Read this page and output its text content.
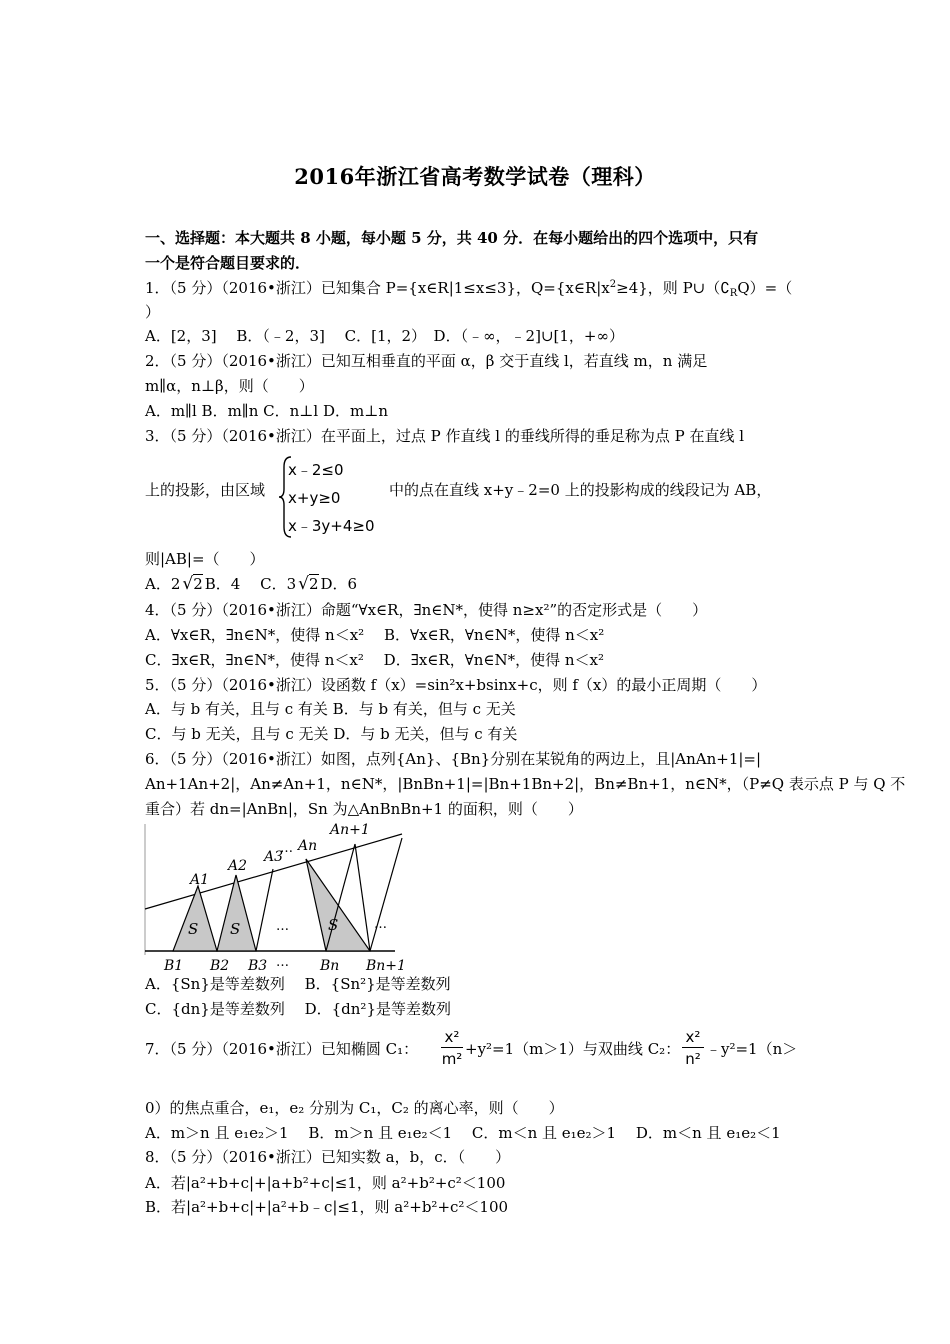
2016年浙江省高考数学试卷（理科）
一、选择题：本大题共 8 小题，每小题 5 分，共 40 分．在每小题给出的四个选项中，只有
一个是符合题目要求的．
1．（5 分）（2016•浙江）已知集合 P={x∈R|1≤x≤3}，$Q=\{x\in R|x^2\ge 4\}$，则 $P\cup(∁_RQ)=$（
）
A．[2，3]　 B．（﹣2，3]　 C．[1，2）　D．（﹣∞，﹣2]∪[1，+∞）
2．（5 分）（2016•浙江）已知互相垂直的平面 α，β 交于直线 l，若直线 m，n 满足
m∥α，n⊥β，则（　　）
A．m∥l B．m∥n C．n⊥l D．m⊥n
3．（5 分）（2016•浙江）在平面上，过点 P 作直线 l 的垂线所得的垂足称为点 P 在直线 l
上的投影，由区域
x﹣2≤0
x+y≥0
x﹣3y+4≥0
中的点在直线 x+y﹣2=0 上的投影构成的线段记为 AB，
则|AB|=（　　）
A．2 √2 B．4　 C．3 √2 D．6
4．（5 分）（2016•浙江）命题“∀x∈R，∃n∈N*，使得 n≥x²”的否定形式是（　　）
A．∀x∈R，∃n∈N*，使得 n＜x²　 B．∀x∈R，∀n∈N*，使得 n＜x²
C．∃x∈R，∃n∈N*，使得 n＜x²　 D．∃x∈R，∀n∈N*，使得 n＜x²
5．（5 分）（2016•浙江）设函数 f（x）=sin²x+bsinx+c，则 f（x）的最小正周期（　　）
A．与 b 有关，且与 c 有关 B．与 b 有关，但与 c 无关
C．与 b 无关，且与 c 无关 D．与 b 无关，但与 c 有关
6．（5 分）（2016•浙江）如图，点列{An}、{Bn}分别在某锐角的两边上，且|AnAn+1|=|
An+1An+2|，An≠An+1，n∈N*，|BnBn+1|=|Bn+1Bn+2|，Bn≠Bn+1，n∈N*，（P≠Q 表示点 P 与 Q 不
重合）若 dn=|AnBn|，Sn 为△AnBnBn+1 的面积，则（　　）
A1
A2
A3
An
An+1
B1 B2 B3	Bn Bn+1
S S	S
…
…	…
…
A．{Sn}是等差数列　 B．{Sn²}是等差数列
C．{dn}是等差数列　 D．{dn²}是等差数列
7．（5 分）（2016•浙江）已知椭圆 C₁： $\frac{\text{x²}}{\text{m²}} +y^2=1(m>1)$与双曲线 C₂： $\frac{\text{x²}}{\text{n²}}$ ﹣y²=1（n＞
0）的焦点重合，e₁，e₂ 分别为 C₁，C₂ 的离心率，则（　　）
A．m＞n 且 e₁e₂＞1　 B．m＞n 且 e₁e₂＜1　 C．m＜n 且 e₁e₂＞1　 D．m＜n 且 e₁e₂＜1
8．（5 分）（2016•浙江）已知实数 a，b，c．（　　）
A．若|a²+b+c|+|a+b²+c|≤1，则 a²+b²+c²＜100
B．若|a²+b+c|+|a²+b﹣c|≤1，则 a²+b²+c²＜100
